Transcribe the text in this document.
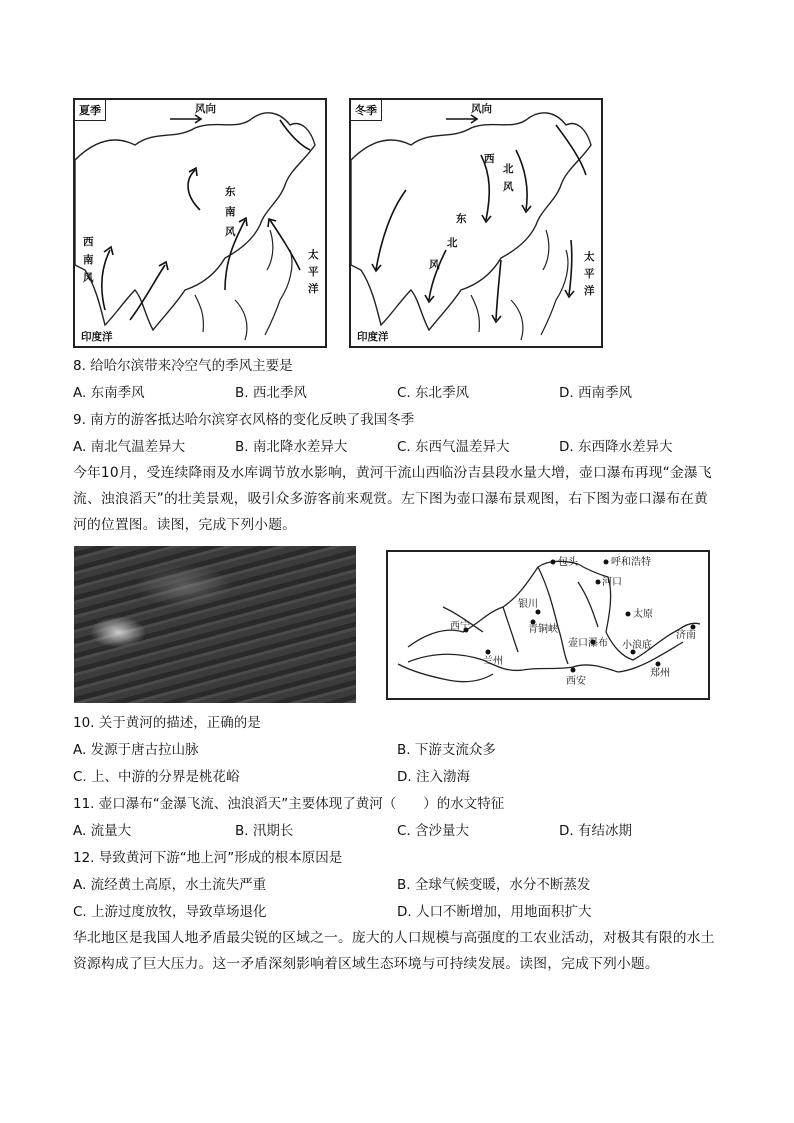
夏季	风向
东
南
风
西
南
风
太
平
洋
印度洋
冬季	风向
西
北
风
东
北
风
太
平
洋
印度洋
8. 给哈尔滨带来冷空气的季风主要是
A. 东南季风	B. 西北季风	C. 东北季风	D. 西南季风
9. 南方的游客抵达哈尔滨穿衣风格的变化反映了我国冬季
A. 南北气温差异大	B. 南北降水差异大	C. 东西气温差异大	D. 东西降水差异大
今年10月，受连续降雨及水库调节放水影响，黄河干流山西临汾吉县段水量大增，壶口瀑布再现“金瀑飞流、浊浪滔天”的壮美景观，吸引众多游客前来观赏。左下图为壶口瀑布景观图，右下图为壶口瀑布在黄河的位置图。读图，完成下列小题。
包头	呼和浩特
河口
银川
太原
济南
西宁	青铜峡
壶口瀑布
兰州
小浪底
郑州
西安
10. 关于黄河的描述，正确的是
A. 发源于唐古拉山脉	B. 下游支流众多
C. 上、中游的分界是桃花峪	D. 注入渤海
11. 壶口瀑布“金瀑飞流、浊浪滔天”主要体现了黄河（　　）的水文特征
A. 流量大	B. 汛期长	C. 含沙量大	D. 有结冰期
12. 导致黄河下游“地上河”形成的根本原因是
A. 流经黄土高原，水土流失严重	B. 全球气候变暖，水分不断蒸发
C. 上游过度放牧，导致草场退化	D. 人口不断增加，用地面积扩大
华北地区是我国人地矛盾最尖锐的区域之一。庞大的人口规模与高强度的工农业活动，对极其有限的水土资源构成了巨大压力。这一矛盾深刻影响着区域生态环境与可持续发展。读图，完成下列小题。
